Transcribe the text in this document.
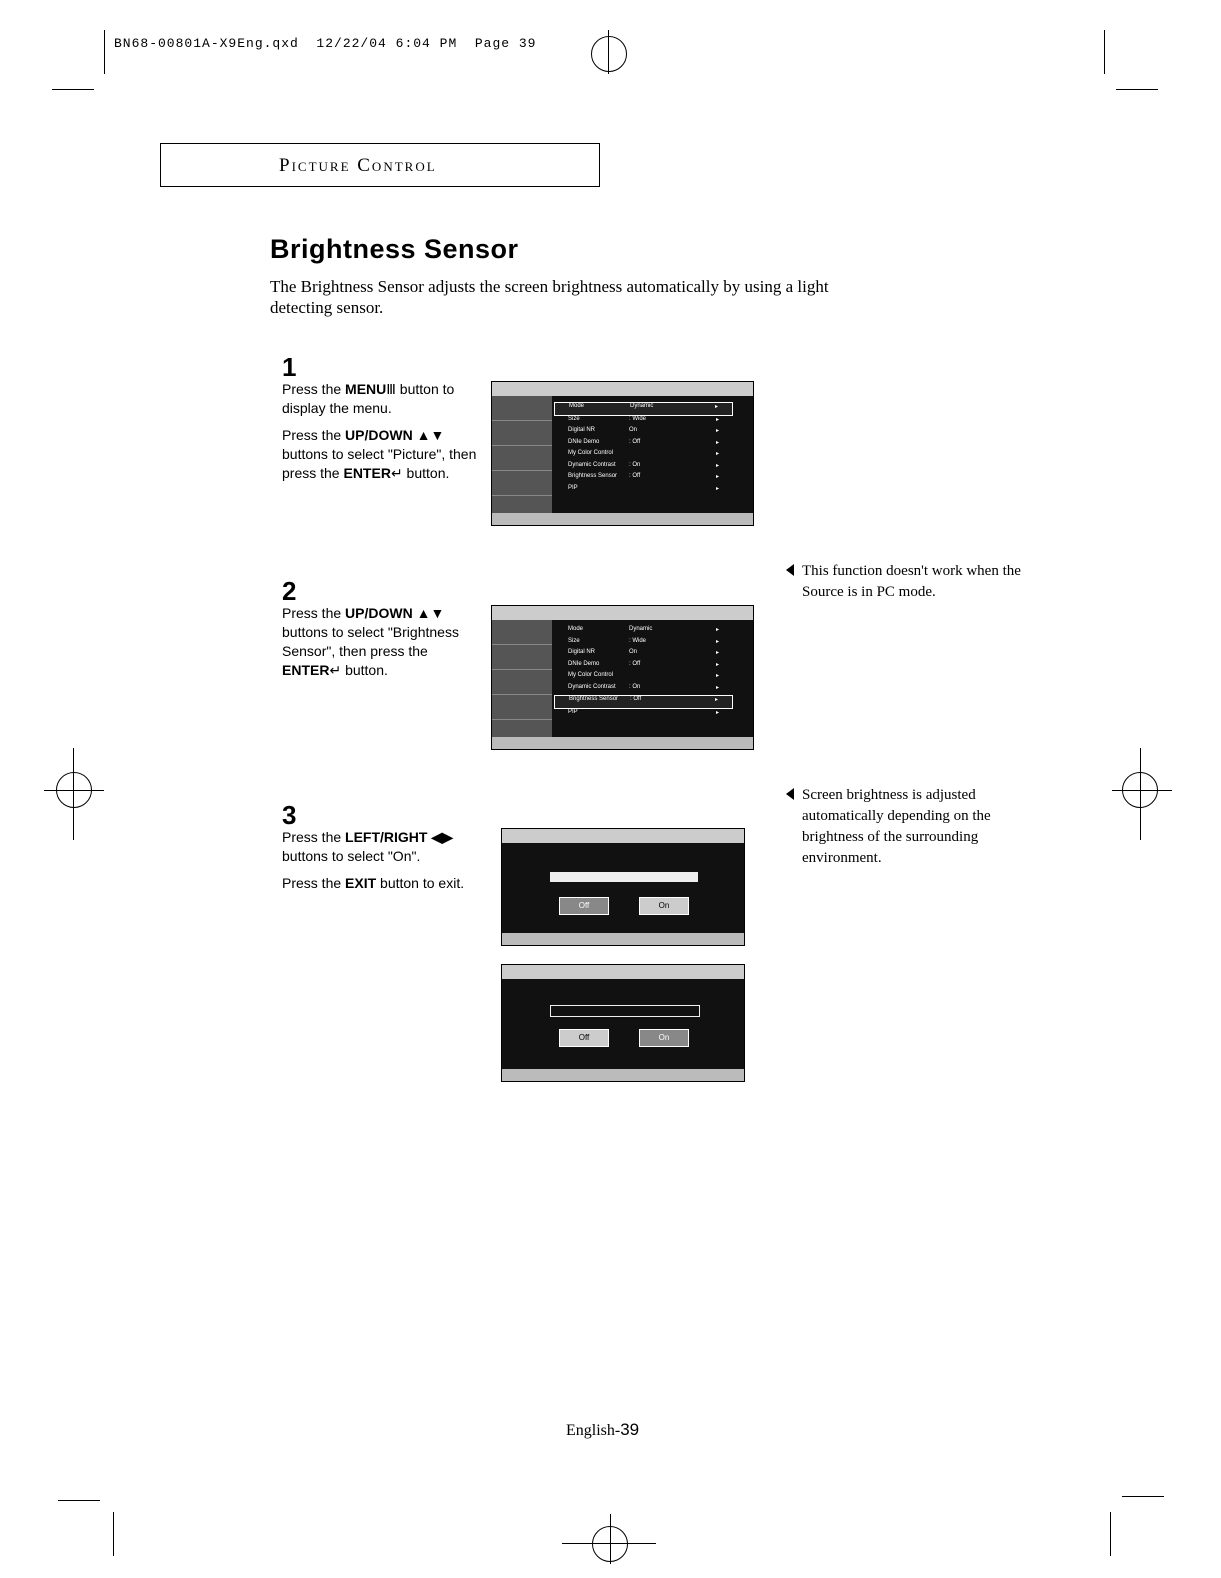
BN68-00801A-X9Eng.qxd  12/22/04 6:04 PM  Page 39
Picture Control
Brightness Sensor
The Brightness Sensor adjusts the screen brightness automatically by using a light detecting sensor.
1

Press the MENUⅢ button to display the menu.

Press the UP/DOWN ▲▼ buttons to select "Picture", then press the ENTER↵ button.

2

Press the UP/DOWN ▲▼ buttons to select "Brightness Sensor", then press the ENTER↵ button.

3

Press the LEFT/RIGHT ◀▶ buttons to select "On".

Press the EXIT button to exit.

This function doesn't work when the Source is in PC mode.
Screen brightness is adjusted automatically depending on the brightness of the surrounding environment.
Mode	Dynamic	▸
Size	: Wide	▸
Digital NR	On	▸
DNIe Demo	: Off	▸
My Color Control	▸
Dynamic Contrast : On	▸
Brightness Sensor : Off	▸
PIP	▸
Mode	Dynamic	▸
Size	: Wide	▸
Digital NR	On	▸
DNIe Demo	: Off	▸
My Color Control	▸
Dynamic Contrast : On	▸
Brightness Sensor : Off	▸
PIP	▸
Off	On
Off	On
English-39
